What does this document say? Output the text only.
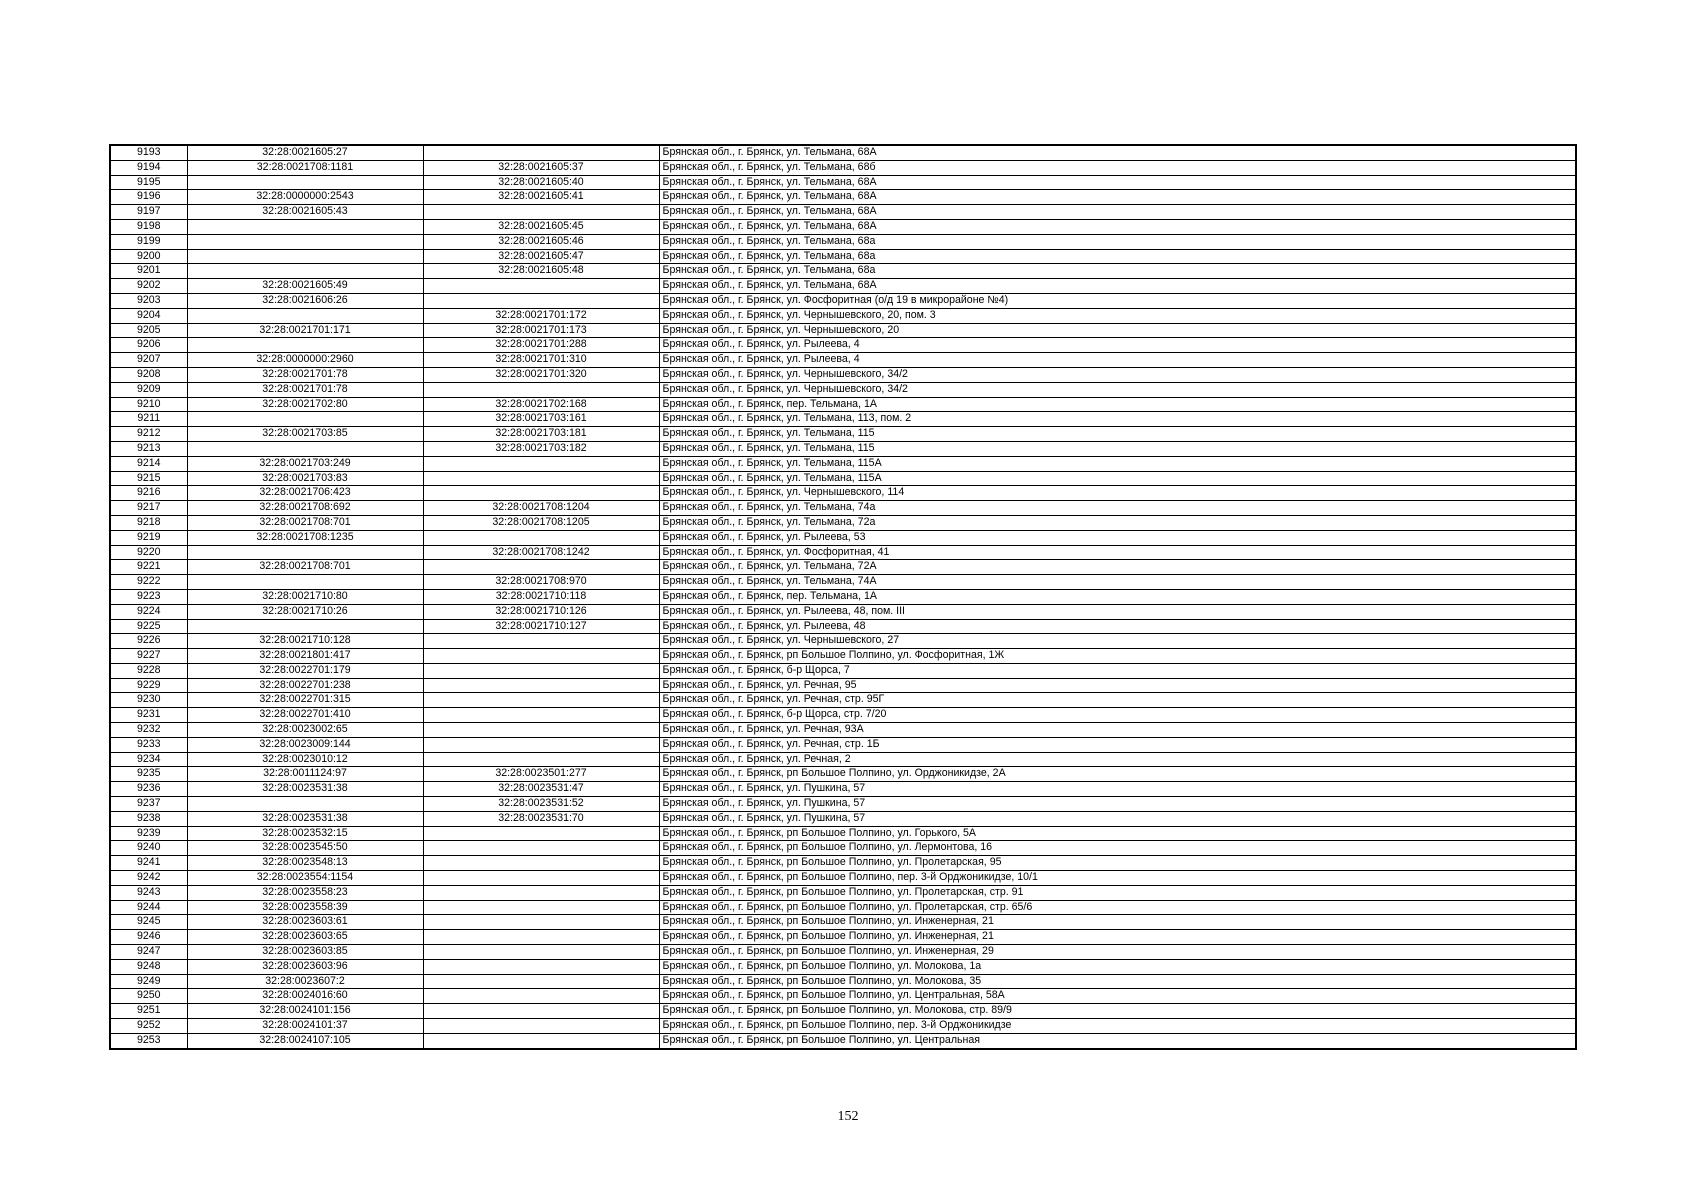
9193	32:28:0021605:27		Брянская обл., г. Брянск, ул. Тельмана, 68А
9194	32:28:0021708:1181	32:28:0021605:37	Брянская обл., г. Брянск, ул. Тельмана, 68б
9195		32:28:0021605:40	Брянская обл., г. Брянск, ул. Тельмана, 68А
9196	32:28:0000000:2543	32:28:0021605:41	Брянская обл., г. Брянск, ул. Тельмана, 68А
9197	32:28:0021605:43		Брянская обл., г. Брянск, ул. Тельмана, 68А
9198		32:28:0021605:45	Брянская обл., г. Брянск, ул. Тельмана, 68А
9199		32:28:0021605:46	Брянская обл., г. Брянск, ул. Тельмана, 68а
9200		32:28:0021605:47	Брянская обл., г. Брянск, ул. Тельмана, 68а
9201		32:28:0021605:48	Брянская обл., г. Брянск, ул. Тельмана, 68а
9202	32:28:0021605:49		Брянская обл., г. Брянск, ул. Тельмана, 68А
9203	32:28:0021606:26		Брянская обл., г. Брянск, ул. Фосфоритная (о/д 19 в микрорайоне №4)
9204		32:28:0021701:172	Брянская обл., г. Брянск, ул. Чернышевского, 20, пом. 3
9205	32:28:0021701:171	32:28:0021701:173	Брянская обл., г. Брянск, ул. Чернышевского, 20
9206		32:28:0021701:288	Брянская обл., г. Брянск, ул. Рылеева, 4
9207	32:28:0000000:2960	32:28:0021701:310	Брянская обл., г. Брянск, ул. Рылеева, 4
9208	32:28:0021701:78	32:28:0021701:320	Брянская обл., г. Брянск, ул. Чернышевского, 34/2
9209	32:28:0021701:78		Брянская обл., г. Брянск, ул. Чернышевского, 34/2
9210	32:28:0021702:80	32:28:0021702:168	Брянская обл., г. Брянск, пер. Тельмана, 1А
9211		32:28:0021703:161	Брянская обл., г. Брянск, ул. Тельмана, 113, пом. 2
9212	32:28:0021703:85	32:28:0021703:181	Брянская обл., г. Брянск, ул. Тельмана, 115
9213		32:28:0021703:182	Брянская обл., г. Брянск, ул. Тельмана, 115
9214	32:28:0021703:249		Брянская обл., г. Брянск, ул. Тельмана, 115А
9215	32:28:0021703:83		Брянская обл., г. Брянск, ул. Тельмана, 115А
9216	32:28:0021706:423		Брянская обл., г. Брянск, ул. Чернышевского, 114
9217	32:28:0021708:692	32:28:0021708:1204	Брянская обл., г. Брянск, ул. Тельмана, 74а
9218	32:28:0021708:701	32:28:0021708:1205	Брянская обл., г. Брянск, ул. Тельмана, 72а
9219	32:28:0021708:1235		Брянская обл., г. Брянск, ул. Рылеева, 53
9220		32:28:0021708:1242	Брянская обл., г. Брянск, ул. Фосфоритная, 41
9221	32:28:0021708:701		Брянская обл., г. Брянск, ул. Тельмана, 72А
9222		32:28:0021708:970	Брянская обл., г. Брянск, ул. Тельмана, 74А
9223	32:28:0021710:80	32:28:0021710:118	Брянская обл., г. Брянск, пер. Тельмана, 1А
9224	32:28:0021710:26	32:28:0021710:126	Брянская обл., г. Брянск, ул. Рылеева, 48, пом. III
9225		32:28:0021710:127	Брянская обл., г. Брянск, ул. Рылеева, 48
9226	32:28:0021710:128		Брянская обл., г. Брянск, ул. Чернышевского, 27
9227	32:28:0021801:417		Брянская обл., г. Брянск, рп Большое Полпино, ул. Фосфоритная, 1Ж
9228	32:28:0022701:179		Брянская обл., г. Брянск, б-р Щорса, 7
9229	32:28:0022701:238		Брянская обл., г. Брянск, ул. Речная, 95
9230	32:28:0022701:315		Брянская обл., г. Брянск, ул. Речная, стр. 95Г
9231	32:28:0022701:410		Брянская обл., г. Брянск, б-р Щорса, стр. 7/20
9232	32:28:0023002:65		Брянская обл., г. Брянск, ул. Речная, 93А
9233	32:28:0023009:144		Брянская обл., г. Брянск, ул. Речная, стр. 1Б
9234	32:28:0023010:12		Брянская обл., г. Брянск, ул. Речная, 2
9235	32:28:0011124:97	32:28:0023501:277	Брянская обл., г. Брянск, рп Большое Полпино, ул. Орджоникидзе, 2А
9236	32:28:0023531:38	32:28:0023531:47	Брянская обл., г. Брянск, ул. Пушкина, 57
9237		32:28:0023531:52	Брянская обл., г. Брянск, ул. Пушкина, 57
9238	32:28:0023531:38	32:28:0023531:70	Брянская обл., г. Брянск, ул. Пушкина, 57
9239	32:28:0023532:15		Брянская обл., г. Брянск, рп Большое Полпино, ул. Горького, 5А
9240	32:28:0023545:50		Брянская обл., г. Брянск, рп Большое Полпино, ул. Лермонтова, 16
9241	32:28:0023548:13		Брянская обл., г. Брянск, рп Большое Полпино, ул. Пролетарская, 95
9242	32:28:0023554:1154		Брянская обл., г. Брянск, рп Большое Полпино, пер. 3-й Орджоникидзе, 10/1
9243	32:28:0023558:23		Брянская обл., г. Брянск, рп Большое Полпино, ул. Пролетарская, стр. 91
9244	32:28:0023558:39		Брянская обл., г. Брянск, рп Большое Полпино, ул. Пролетарская, стр. 65/6
9245	32:28:0023603:61		Брянская обл., г. Брянск, рп Большое Полпино, ул. Инженерная, 21
9246	32:28:0023603:65		Брянская обл., г. Брянск, рп Большое Полпино, ул. Инженерная, 21
9247	32:28:0023603:85		Брянская обл., г. Брянск, рп Большое Полпино, ул. Инженерная, 29
9248	32:28:0023603:96		Брянская обл., г. Брянск, рп Большое Полпино, ул. Молокова, 1а
9249	32:28:0023607:2		Брянская обл., г. Брянск, рп Большое Полпино, ул. Молокова, 35
9250	32:28:0024016:60		Брянская обл., г. Брянск, рп Большое Полпино, ул. Центральная, 58А
9251	32:28:0024101:156		Брянская обл., г. Брянск, рп Большое Полпино, ул. Молокова, стр. 89/9
9252	32:28:0024101:37		Брянская обл., г. Брянск, рп Большое Полпино, пер. 3-й Орджоникидзе
9253	32:28:0024107:105		Брянская обл., г. Брянск, рп Большое Полпино, ул. Центральная
152
